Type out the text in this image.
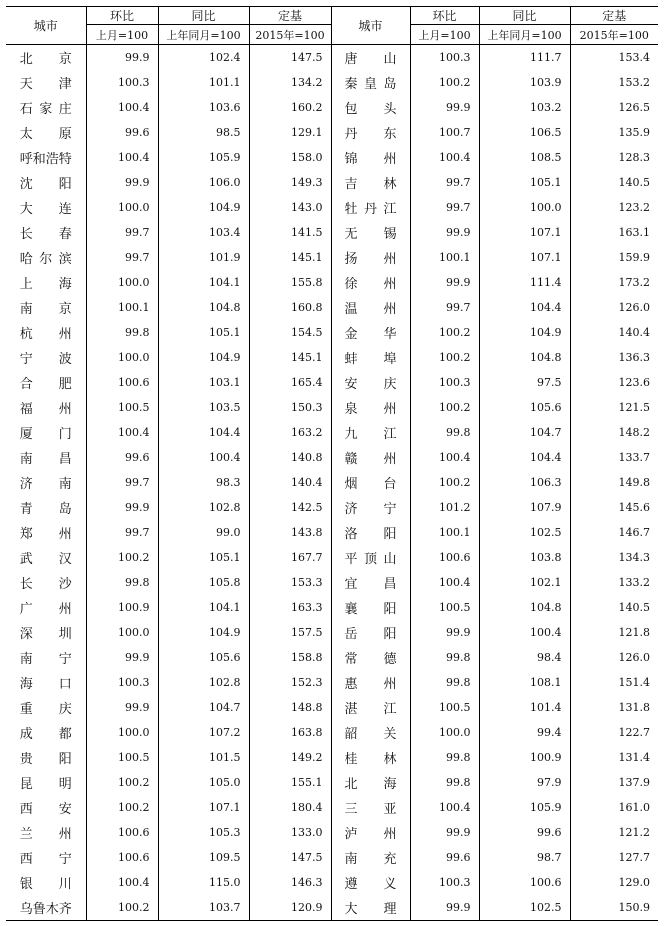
城市	环比	同比	定基	城市	环比	同比	定基
	上月=100	上年同月=100	2015年=100		上月=100	上年同月=100	2015年=100
北京	99.9	102.4	147.5	唐山	100.3	111.7	153.4
天津	100.3	101.1	134.2	秦皇岛	100.2	103.9	153.2
石家庄	100.4	103.6	160.2	包头	99.9	103.2	126.5
太原	99.6	98.5	129.1	丹东	100.7	106.5	135.9
呼和浩特	100.4	105.9	158.0	锦州	100.4	108.5	128.3
沈阳	99.9	106.0	149.3	吉林	99.7	105.1	140.5
大连	100.0	104.9	143.0	牡丹江	99.7	100.0	123.2
长春	99.7	103.4	141.5	无锡	99.9	107.1	163.1
哈尔滨	99.7	101.9	145.1	扬州	100.1	107.1	159.9
上海	100.0	104.1	155.8	徐州	99.9	111.4	173.2
南京	100.1	104.8	160.8	温州	99.7	104.4	126.0
杭州	99.8	105.1	154.5	金华	100.2	104.9	140.4
宁波	100.0	104.9	145.1	蚌埠	100.2	104.8	136.3
合肥	100.6	103.1	165.4	安庆	100.3	97.5	123.6
福州	100.5	103.5	150.3	泉州	100.2	105.6	121.5
厦门	100.4	104.4	163.2	九江	99.8	104.7	148.2
南昌	99.6	100.4	140.8	赣州	100.4	104.4	133.7
济南	99.7	98.3	140.4	烟台	100.2	106.3	149.8
青岛	99.9	102.8	142.5	济宁	101.2	107.9	145.6
郑州	99.7	99.0	143.8	洛阳	100.1	102.5	146.7
武汉	100.2	105.1	167.7	平顶山	100.6	103.8	134.3
长沙	99.8	105.8	153.3	宜昌	100.4	102.1	133.2
广州	100.9	104.1	163.3	襄阳	100.5	104.8	140.5
深圳	100.0	104.9	157.5	岳阳	99.9	100.4	121.8
南宁	99.9	105.6	158.8	常德	99.8	98.4	126.0
海口	100.3	102.8	152.3	惠州	99.8	108.1	151.4
重庆	99.9	104.7	148.8	湛江	100.5	101.4	131.8
成都	100.0	107.2	163.8	韶关	100.0	99.4	122.7
贵阳	100.5	101.5	149.2	桂林	99.8	100.9	131.4
昆明	100.2	105.0	155.1	北海	99.8	97.9	137.9
西安	100.2	107.1	180.4	三亚	100.4	105.9	161.0
兰州	100.6	105.3	133.0	泸州	99.9	99.6	121.2
西宁	100.6	109.5	147.5	南充	99.6	98.7	127.7
银川	100.4	115.0	146.3	遵义	100.3	100.6	129.0
乌鲁木齐	100.2	103.7	120.9	大理	99.9	102.5	150.9
